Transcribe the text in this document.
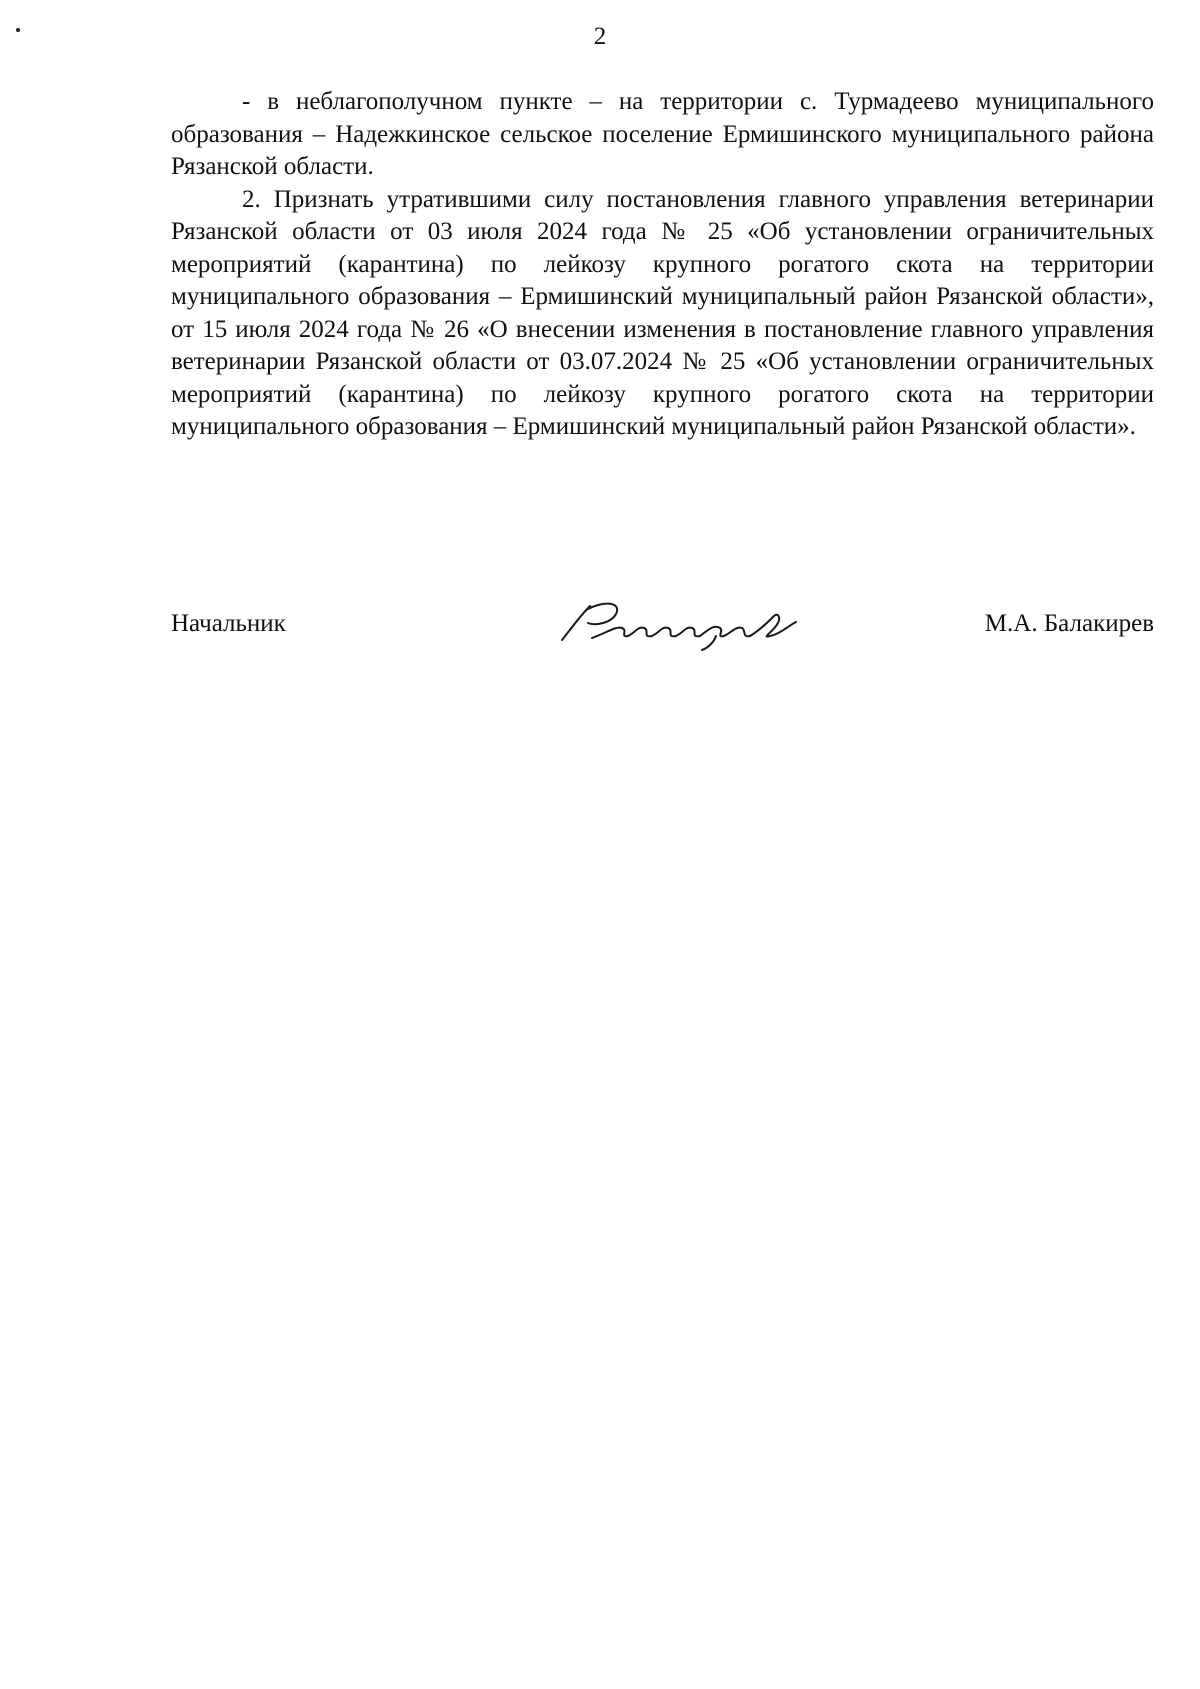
2

- в неблагополучном пункте – на территории с. Турмадеево муниципального образования – Надежкинское сельское поселение Ермишинского муниципального района Рязанской области.

2. Признать утратившими силу постановления главного управления ветеринарии Рязанской области от 03 июля 2024 года № 25 «Об установлении ограничительных мероприятий (карантина) по лейкозу крупного рогатого скота на территории муниципального образования – Ермишинский муниципальный район Рязанской области», от 15 июля 2024 года № 26 «О внесении изменения в постановление главного управления ветеринарии Рязанской области от 03.07.2024 № 25 «Об установлении ограничительных мероприятий (карантина) по лейкозу крупного рогатого скота на территории муниципального образования – Ермишинский муниципальный район Рязанской области».

Начальник	М.А. Балакирев
